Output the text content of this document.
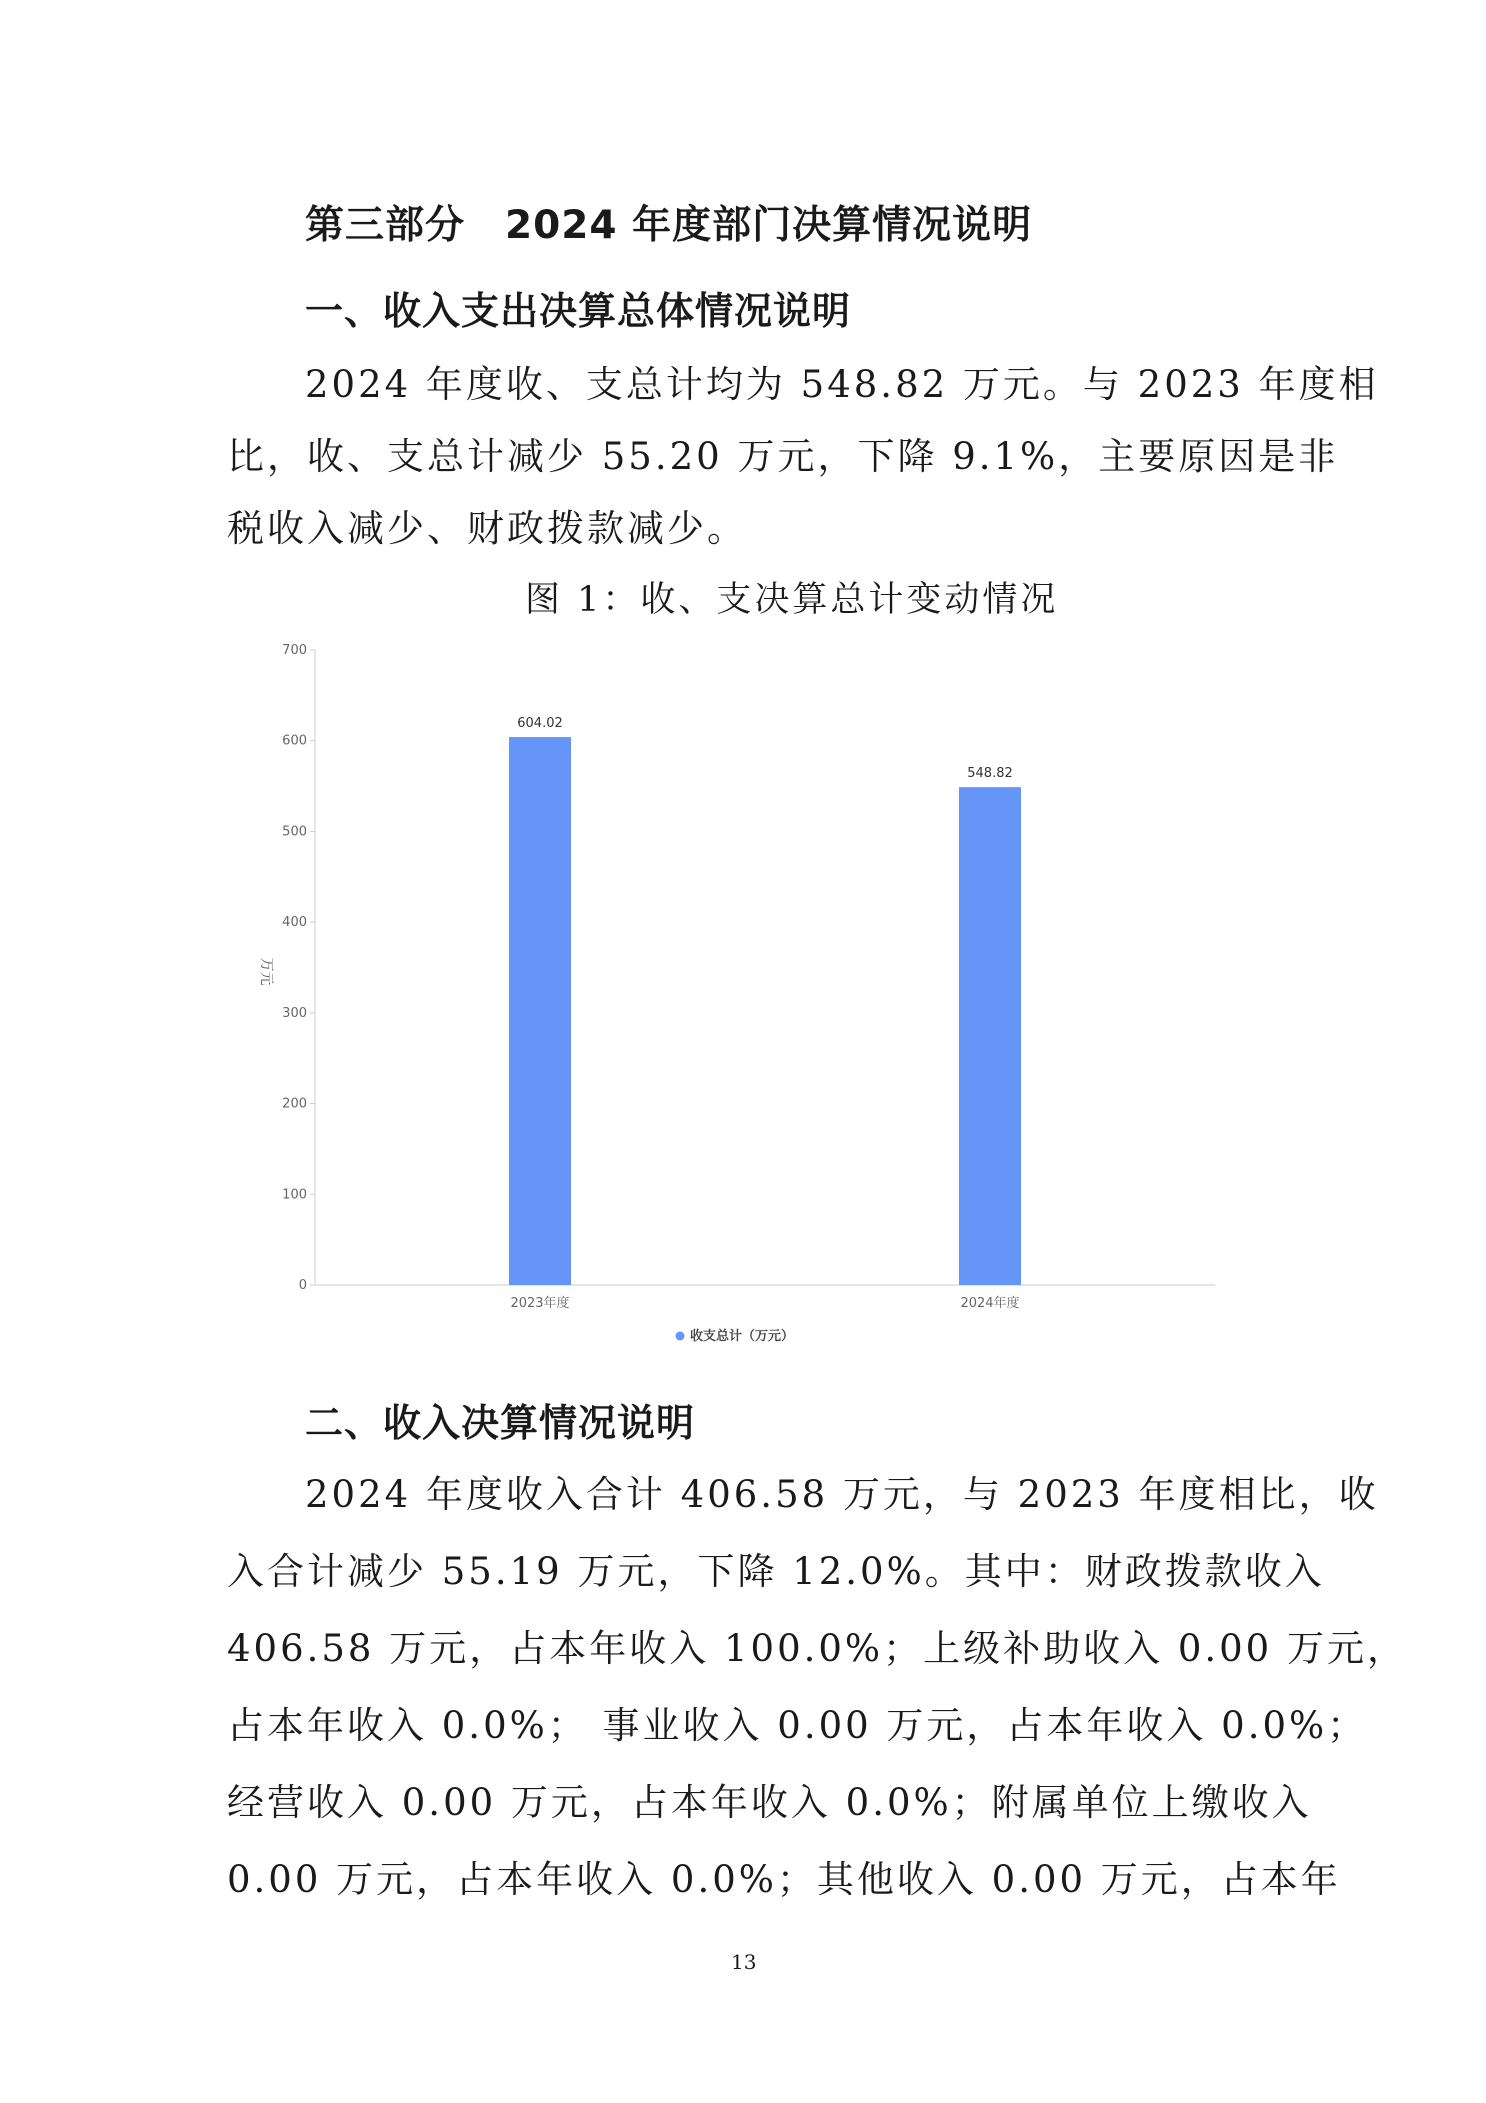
第三部分　2024 年度部门决算情况说明
一、收入支出决算总体情况说明
2024 年度收、支总计均为 548.82 万元。与 2023 年度相
比，收、支总计减少 55.20 万元，下降 9.1%，主要原因是非
税收入减少、财政拨款减少。
图 1：收、支决算总计变动情况
0
100
200
300
400
500
600
700
604.02
548.82
2023年度	2024年度
万元
收支总计（万元）
二、收入决算情况说明
2024 年度收入合计 406.58 万元，与 2023 年度相比，收
入合计减少 55.19 万元，下降 12.0%。其中：财政拨款收入
406.58 万元，占本年收入 100.0%；上级补助收入 0.00 万元，
占本年收入 0.0%； 事业收入 0.00 万元，占本年收入 0.0%；
经营收入 0.00 万元，占本年收入 0.0%；附属单位上缴收入
0.00 万元，占本年收入 0.0%；其他收入 0.00 万元，占本年
13
